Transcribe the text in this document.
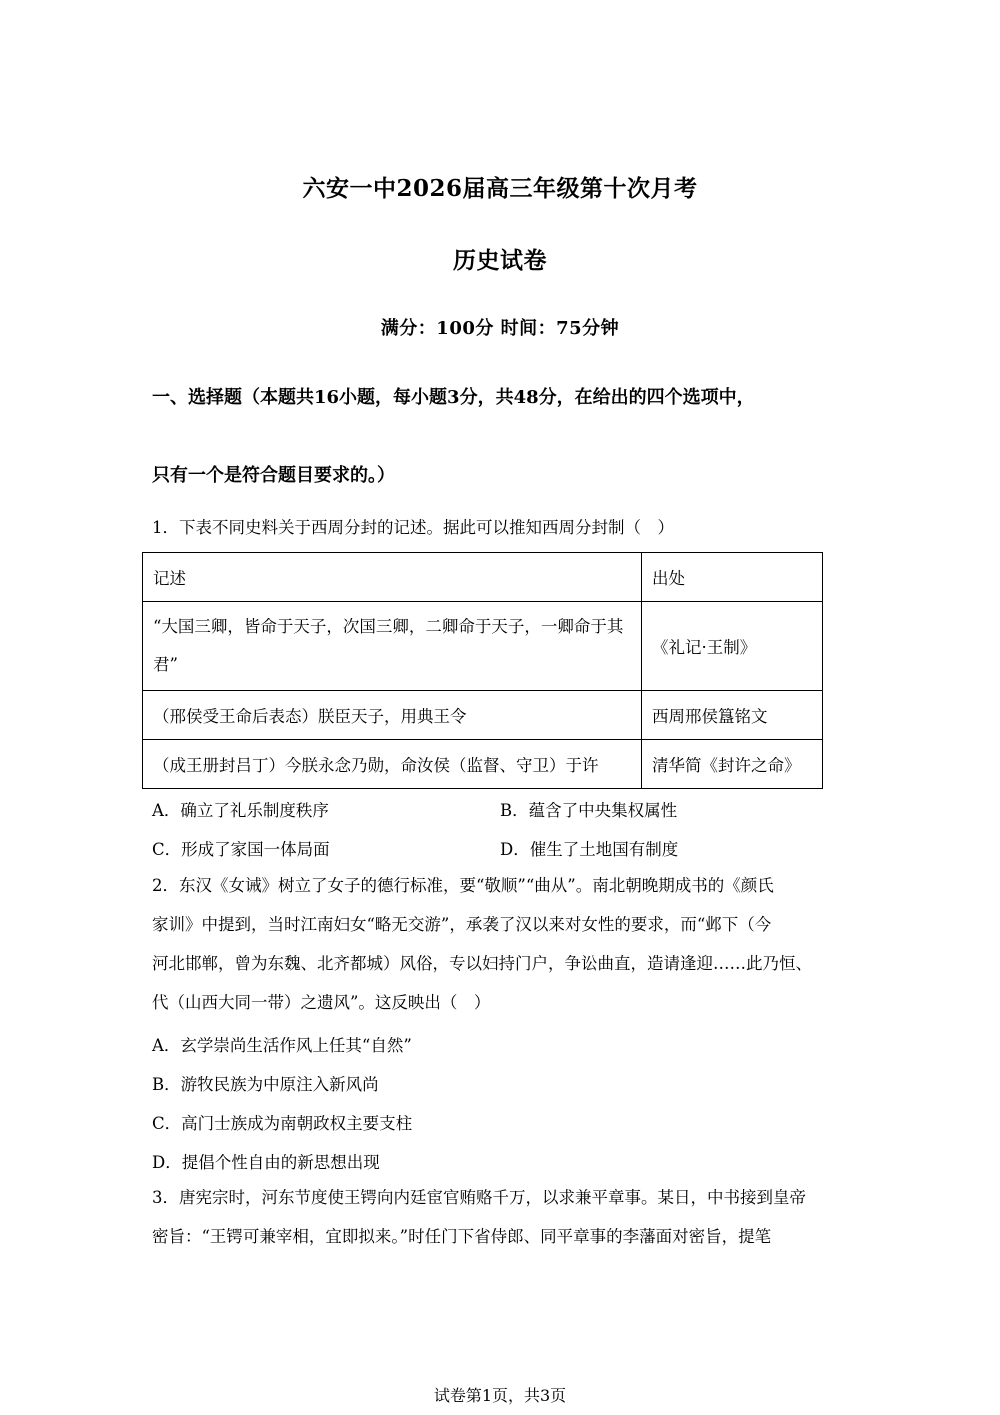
六安一中2026届高三年级第十次月考
历史试卷
满分：100分 时间：75分钟
一、选择题（本题共16小题，每小题3分，共48分，在给出的四个选项中，
只有一个是符合题目要求的。）
1．下表不同史料关于西周分封的记述。据此可以推知西周分封制（　）
记述	出处
“大国三卿，皆命于天子，次国三卿，二卿命于天子，一卿命于其君”	《礼记·王制》
（邢侯受王命后表态）朕臣天子，用典王令	西周邢侯簋铭文
（成王册封吕丁）今朕永念乃勋，命汝侯（监督、守卫）于许	清华简《封许之命》
A．确立了礼乐制度秩序	B．蕴含了中央集权属性
C．形成了家国一体局面	D．催生了土地国有制度
2．东汉《女诫》树立了女子的德行标准，要“敬顺”“曲从”。南北朝晚期成书的《颜氏
家训》中提到，当时江南妇女“略无交游”，承袭了汉以来对女性的要求，而“邺下（今
河北邯郸，曾为东魏、北齐都城）风俗，专以妇持门户，争讼曲直，造请逢迎……此乃恒、
代（山西大同一带）之遗风”。这反映出（　）
A．玄学崇尚生活作风上任其“自然”
B．游牧民族为中原注入新风尚
C．高门士族成为南朝政权主要支柱
D．提倡个性自由的新思想出现
3．唐宪宗时，河东节度使王锷向内廷宦官贿赂千万，以求兼平章事。某日，中书接到皇帝
密旨：“王锷可兼宰相，宜即拟来。”时任门下省侍郎、同平章事的李藩面对密旨，提笔
试卷第1页，共3页
